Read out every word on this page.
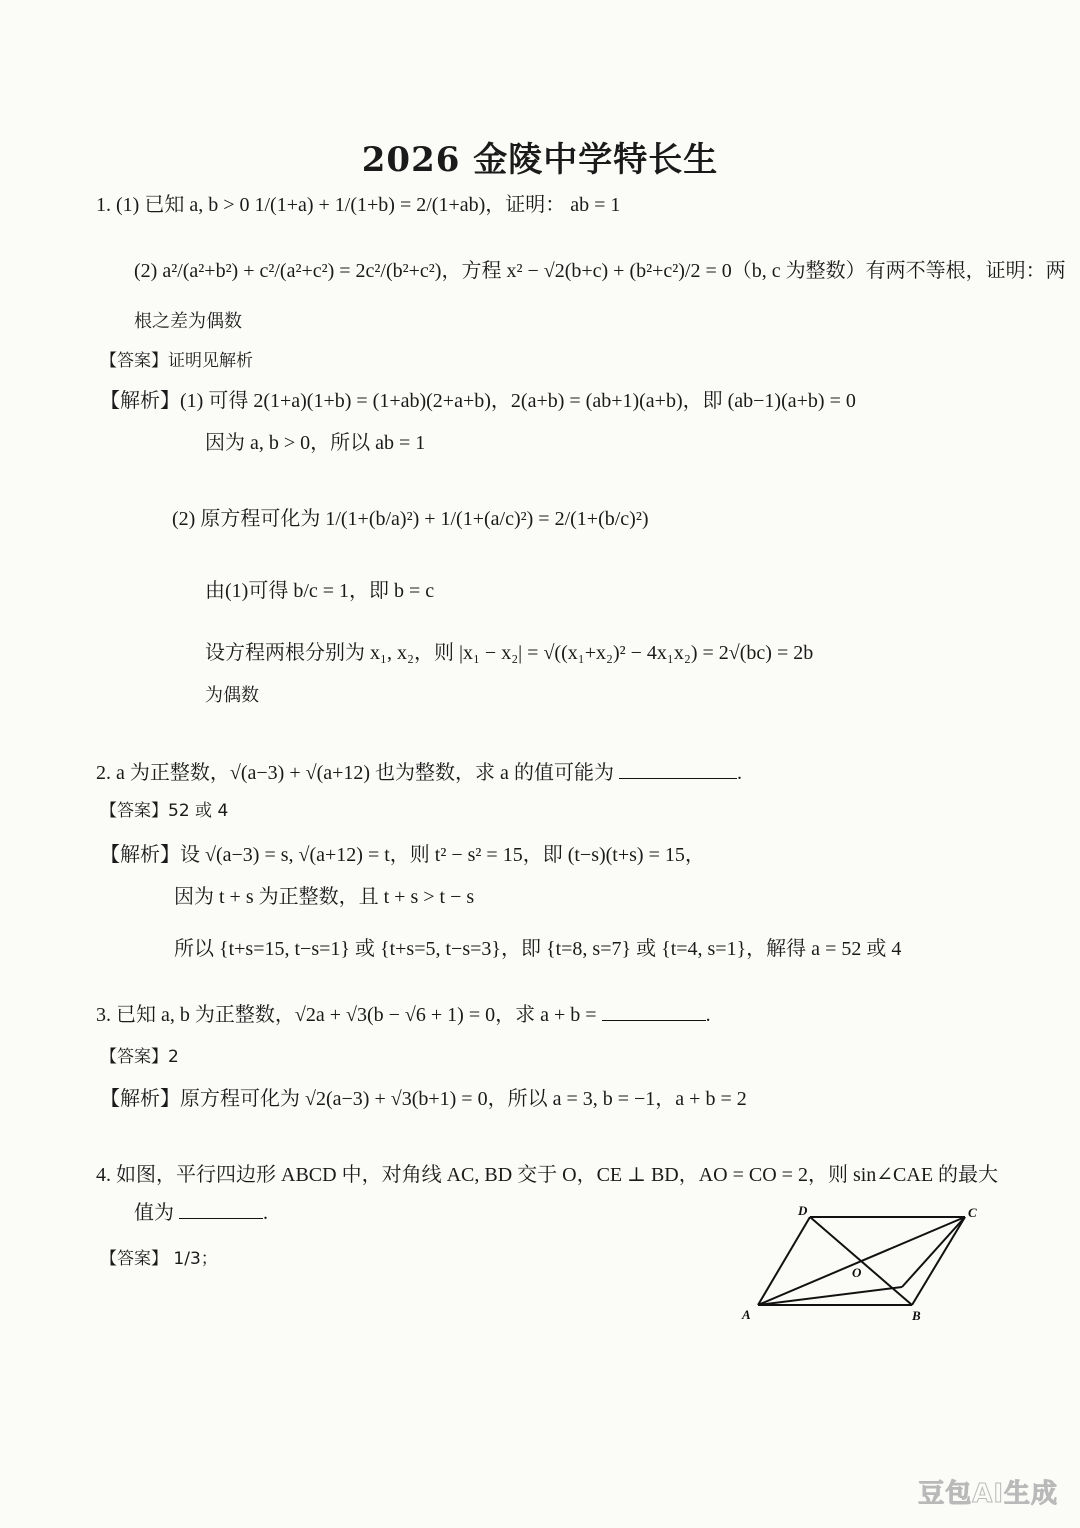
2026 金陵中学特长生
1. (1) 已知 a, b > 0 1/(1+a) + 1/(1+b) = 2/(1+ab)，证明： ab = 1
(2) a²/(a²+b²) + c²/(a²+c²) = 2c²/(b²+c²)，方程 x² − √2(b+c) + (b²+c²)/2 = 0（b, c 为整数）有两不等根，证明：两
根之差为偶数
【答案】证明见解析
【解析】(1) 可得 2(1+a)(1+b) = (1+ab)(2+a+b)，2(a+b) = (ab+1)(a+b)，即 (ab−1)(a+b) = 0
因为 a, b > 0，所以 ab = 1
(2) 原方程可化为 1/(1+(b/a)²) + 1/(1+(a/c)²) = 2/(1+(b/c)²)
由(1)可得 b/c = 1，即 b = c
设方程两根分别为 x₁, x₂，则 |x₁ − x₂| = √((x₁+x₂)² − 4x₁x₂) = 2√(bc) = 2b
为偶数
2. a 为正整数，√(a−3) + √(a+12) 也为整数，求 a 的值可能为	.
【答案】52 或 4
【解析】设 √(a−3) = s, √(a+12) = t，则 t² − s² = 15，即 (t−s)(t+s) = 15，
因为 t + s 为正整数，且 t + s > t − s
所以 {t+s=15, t−s=1} 或 {t+s=5, t−s=3}，即 {t=8, s=7} 或 {t=4, s=1}，解得 a = 52 或 4
3. 已知 a, b 为正整数，√2a + √3(b − √6 + 1) = 0，求 a + b =	.
【答案】2
【解析】原方程可化为 √2(a−3) + √3(b+1) = 0，所以 a = 3, b = −1，a + b = 2
4. 如图，平行四边形 ABCD 中，对角线 AC, BD 交于 O，CE ⊥ BD，AO = CO = 2，则 sin∠CAE 的最大
值为	.
【答案】 1/3；
A	B
C
D
O
豆包AI生成
